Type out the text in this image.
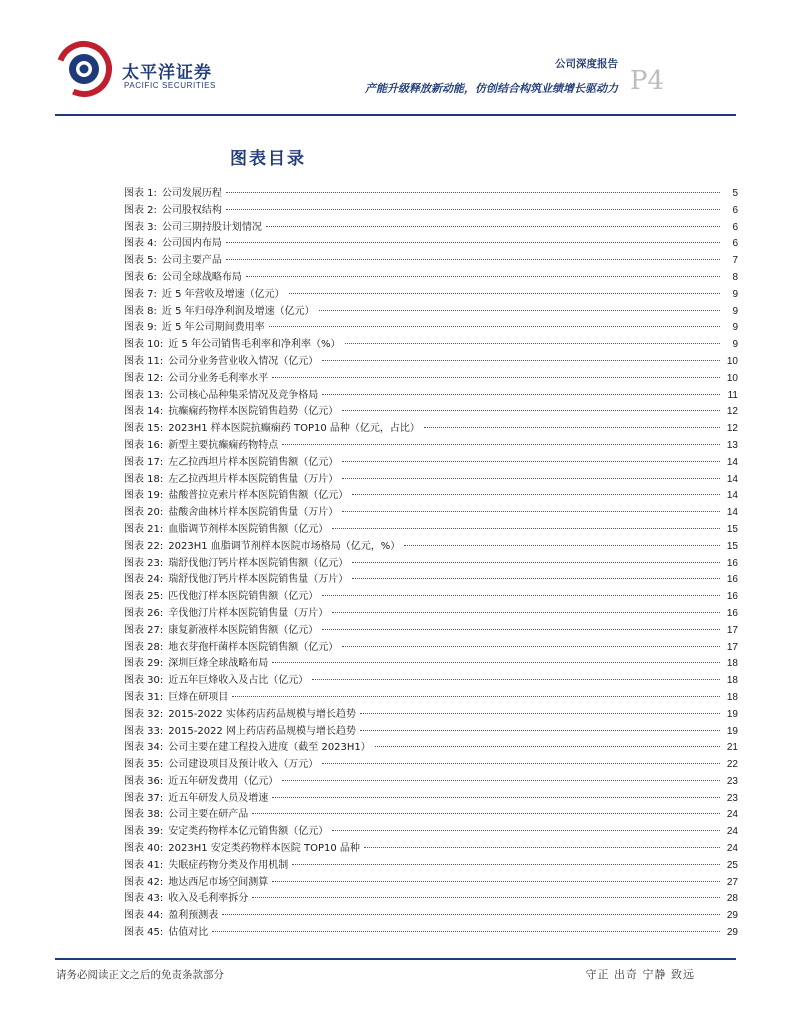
太平洋证券
PACIFIC SECURITIES
公司深度报告
产能升级释放新动能，仿创结合构筑业绩增长驱动力 P4
图表目录
图表 1: 公司发展历程	5
图表 2: 公司股权结构	6
图表 3: 公司三期持股计划情况	6
图表 4: 公司国内布局	6
图表 5: 公司主要产品	7
图表 6: 公司全球战略布局	8
图表 7: 近 5 年营收及增速（亿元）	9
图表 8: 近 5 年归母净利润及增速（亿元）	9
图表 9: 近 5 年公司期间费用率	9
图表 10: 近 5 年公司销售毛利率和净利率（%）	9
图表 11: 公司分业务营业收入情况（亿元）	10
图表 12: 公司分业务毛利率水平	10
图表 13: 公司核心品种集采情况及竞争格局	11
图表 14: 抗癫痫药物样本医院销售趋势（亿元）	12
图表 15: 2023H1 样本医院抗癫痫药 TOP10 品种（亿元，占比）	12
图表 16: 新型主要抗癫痫药物特点	13
图表 17: 左乙拉西坦片样本医院销售额（亿元）	14
图表 18: 左乙拉西坦片样本医院销售量（万片）	14
图表 19: 盐酸普拉克索片样本医院销售额（亿元）	14
图表 20: 盐酸舍曲林片样本医院销售量（万片）	14
图表 21: 血脂调节剂样本医院销售额（亿元）	15
图表 22: 2023H1 血脂调节剂样本医院市场格局（亿元，%）	15
图表 23: 瑞舒伐他汀钙片样本医院销售额（亿元）	16
图表 24: 瑞舒伐他汀钙片样本医院销售量（万片）	16
图表 25: 匹伐他汀样本医院销售额（亿元）	16
图表 26: 辛伐他汀片样本医院销售量（万片）	16
图表 27: 康复新液样本医院销售额（亿元）	17
图表 28: 地衣芽孢杆菌样本医院销售额（亿元）	17
图表 29: 深圳巨烽全球战略布局	18
图表 30: 近五年巨烽收入及占比（亿元）	18
图表 31: 巨烽在研项目	18
图表 32: 2015-2022 实体药店药品规模与增长趋势	19
图表 33: 2015-2022 网上药店药品规模与增长趋势	19
图表 34: 公司主要在建工程投入进度（截至 2023H1）	21
图表 35: 公司建设项目及预计收入（万元）	22
图表 36: 近五年研发费用（亿元）	23
图表 37: 近五年研发人员及增速	23
图表 38: 公司主要在研产品	24
图表 39: 安定类药物样本亿元销售额（亿元）	24
图表 40: 2023H1 安定类药物样本医院 TOP10 品种	24
图表 41: 失眠症药物分类及作用机制	25
图表 42: 地达西尼市场空间测算	27
图表 43: 收入及毛利率拆分	28
图表 44: 盈利预测表	29
图表 45: 估值对比	29
请务必阅读正文之后的免责条款部分	守正 出奇 宁静 致远
